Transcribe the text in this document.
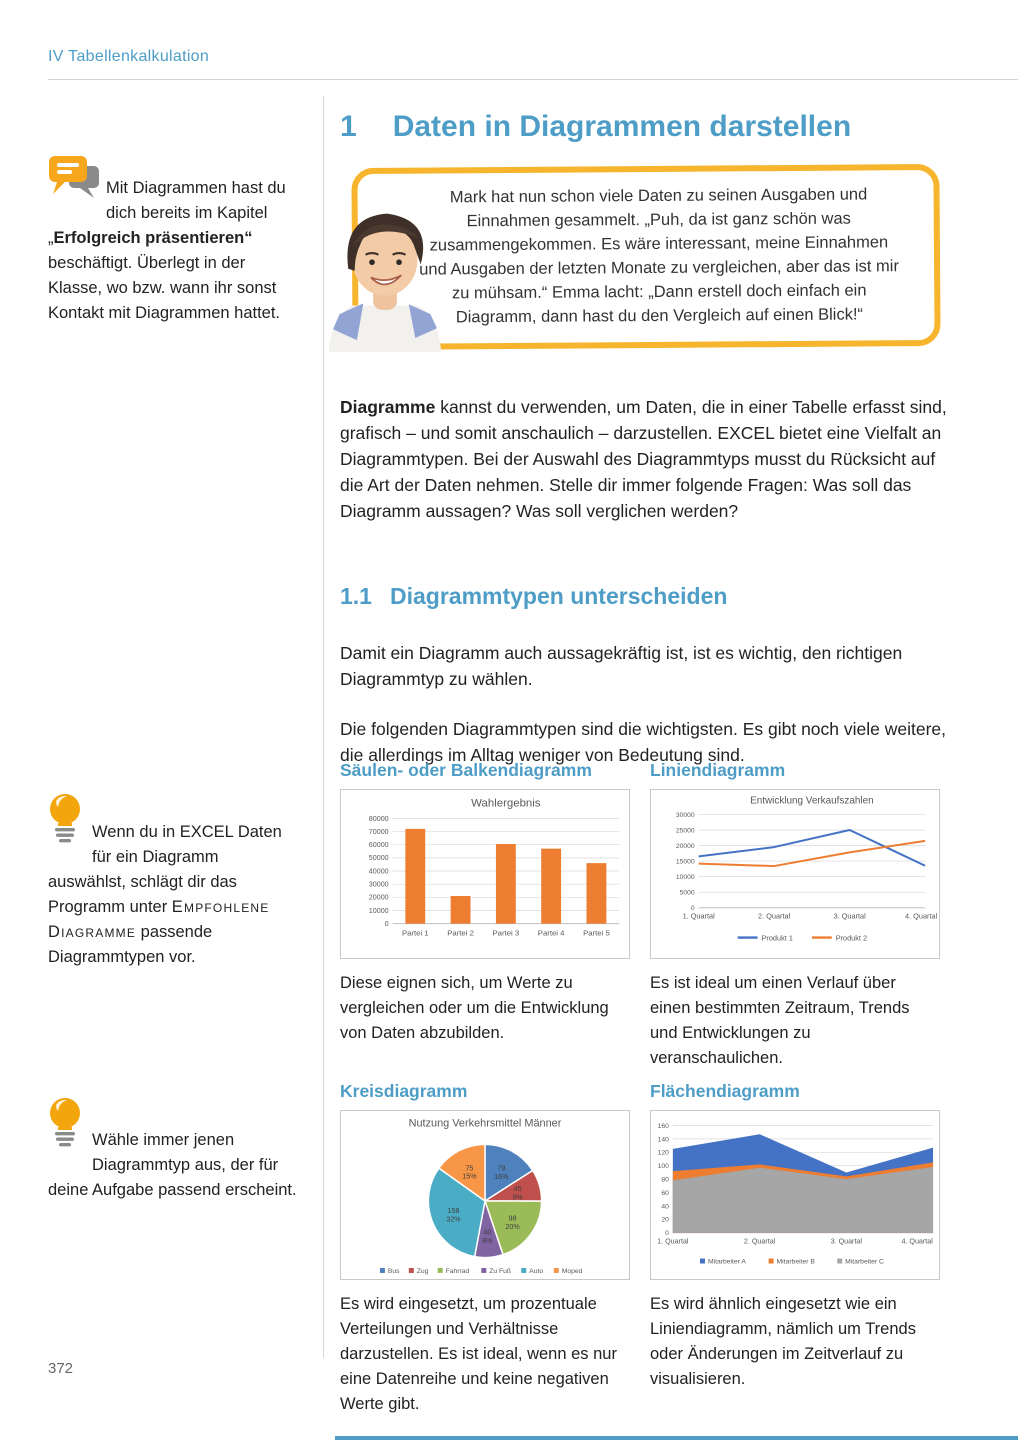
IV Tabellenkalkulation
1 Daten in Diagrammen darstellen
Mark hat nun schon viele Daten zu seinen Ausgaben und Einnahmen gesammelt. „Puh, da ist ganz schön was zusammengekommen. Es wäre interessant, meine Einnahmen und Ausgaben der letzten Monate zu vergleichen, aber das ist mir zu mühsam.“ Emma lacht: „Dann erstell doch einfach ein Diagramm, dann hast du den Vergleich auf einen Blick!“

Diagramme kannst du verwenden, um Daten, die in einer Tabelle erfasst sind, grafisch – und somit anschaulich – darzustellen. EXCEL bietet eine Vielfalt an Diagrammtypen. Bei der Auswahl des Diagrammtyps musst du Rücksicht auf die Art der Daten nehmen. Stelle dir immer folgende Fragen: Was soll das Diagramm aussagen? Was soll verglichen werden?

1.1 Diagrammtypen unterscheiden

Damit ein Diagramm auch aussagekräftig ist, ist es wichtig, den richtigen Diagrammtyp zu wählen.

Die folgenden Diagrammtypen sind die wichtigsten. Es gibt noch viele weitere, die allerdings im Alltag weniger von Bedeutung sind.

Säulen- oder Balkendiagramm
Wahlergebnis
0
10000
20000
30000
40000
50000
60000
70000
80000
Partei 1 Partei 2 Partei 3 Partei 4 Partei 5

Diese eignen sich, um Werte zu vergleichen oder um die Entwicklung von Daten abzubilden.

Liniendiagramm
Entwicklung Verkaufszahlen
0
5000
10000
15000
20000
25000
30000
1. Quartal	2. Quartal	3. Quartal	4. Quartal
Produkt 1	Produkt 2

Es ist ideal um einen Verlauf über einen bestimmten Zeitraum, Trends und Entwicklungen zu veranschaulichen.

Kreisdiagramm
Nutzung Verkehrsmittel Männer
79
16%
45
9%
98
20%
40
8%
158
32%
75
15%
Bus	Zug	Fahrrad	Zu Fuß	Auto	Moped

Es wird eingesetzt, um prozentuale Verteilungen und Verhältnisse darzustellen. Es ist ideal, wenn es nur eine Datenreihe und keine negativen Werte gibt.

Flächendiagramm
0
20
40
60
80
100
120
140
160
1. Quartal	2. Quartal	3. Quartal	4. Quartal
Mitarbeiter A	Mitarbeiter B	Mitarbeiter C

Es wird ähnlich eingesetzt wie ein Liniendiagramm, nämlich um Trends oder Änderungen im Zeitverlauf zu visualisieren.

Mit Diagrammen hast du dich bereits im Kapitel „Erfolgreich präsentieren“ beschäftigt. Überlegt in der Klasse, wo bzw. wann ihr sonst Kontakt mit Diagrammen hattet.
Wenn du in EXCEL Daten für ein Diagramm auswählst, schlägt dir das Programm unter Empfohlene Diagramme passende Diagrammtypen vor.
Wähle immer jenen Diagrammtyp aus, der für deine Aufgabe passend erscheint.
372
